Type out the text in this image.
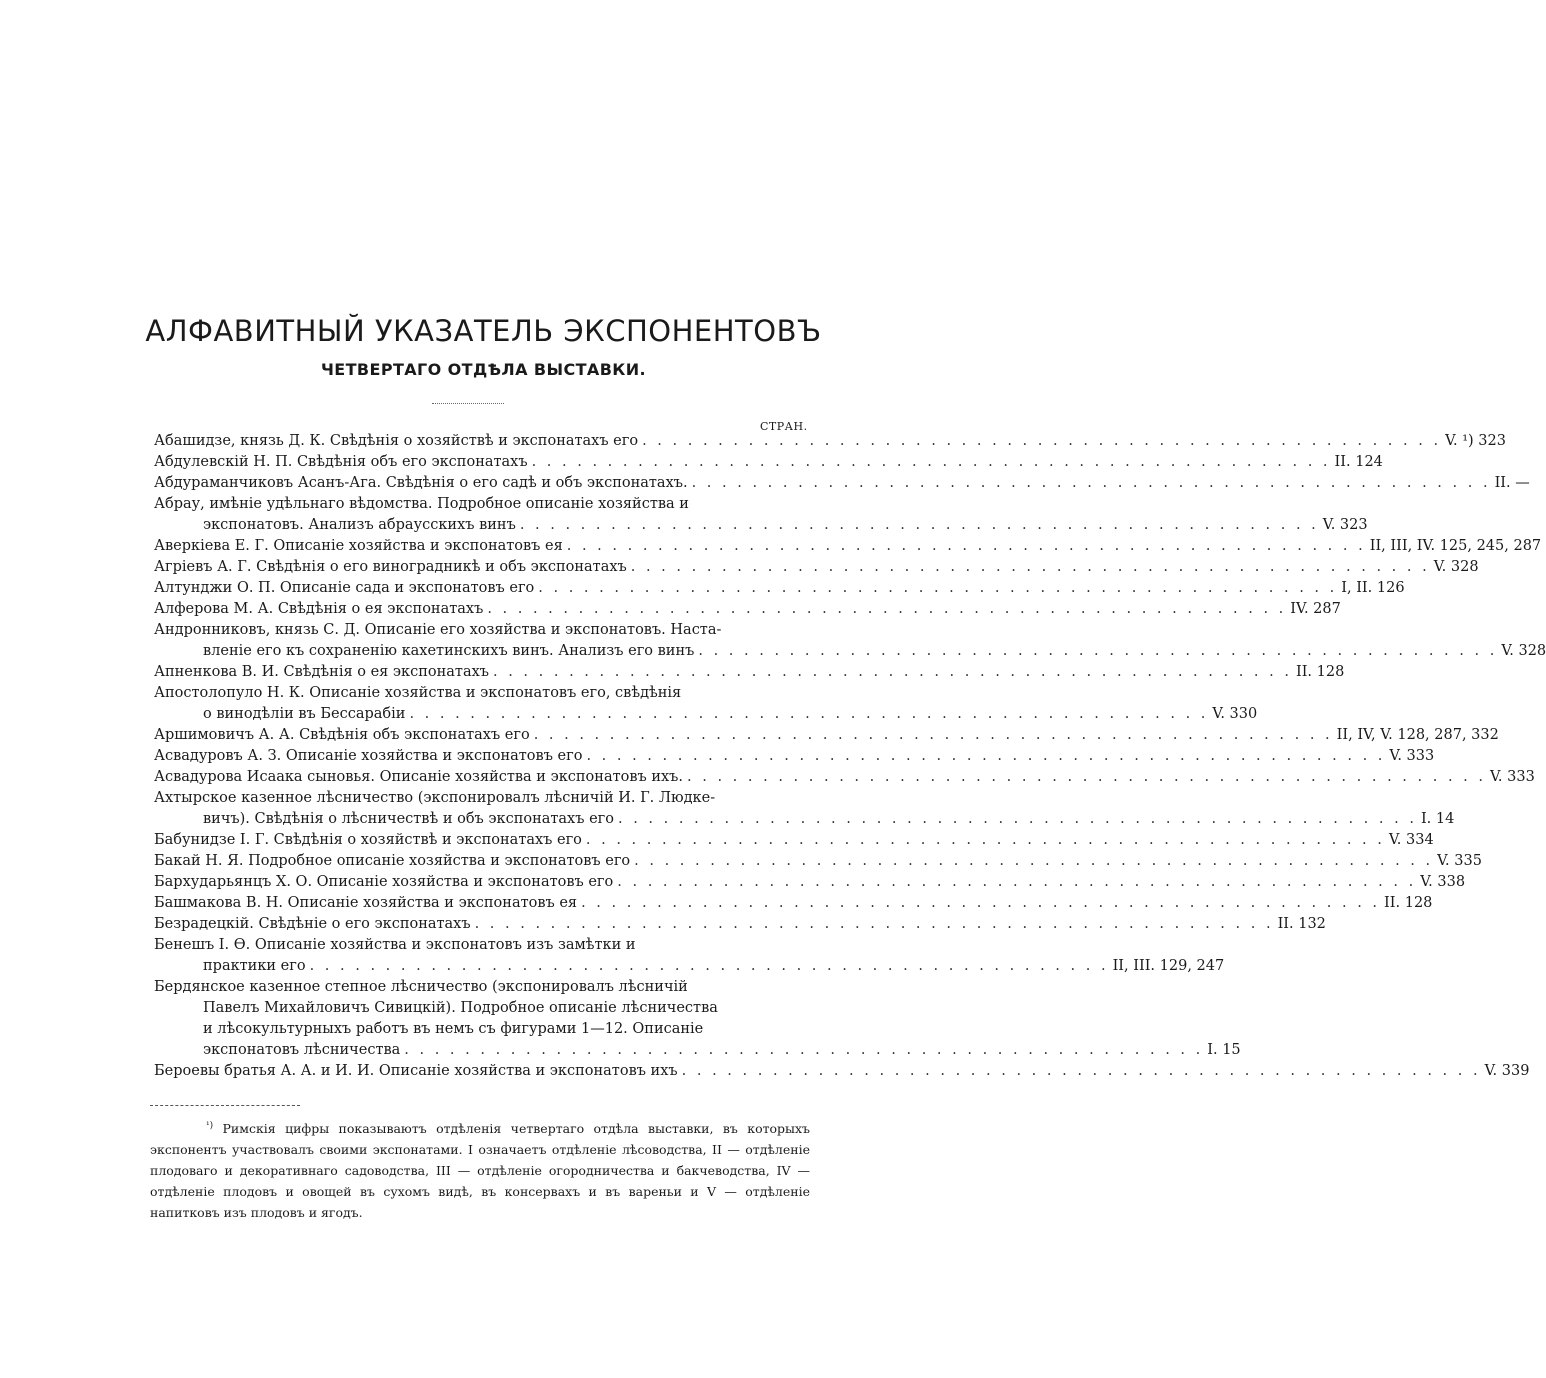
АЛФАВИТНЫЙ УКАЗАТЕЛЬ ЭКСПОНЕНТОВЪ
ЧЕТВЕРТАГО ОТДѢЛА ВЫСТАВКИ.
СТРАН.
Абашидзе, князь Д. К. Свѣдѣнія о хозяйствѣ и экспонатахъ его . . .	V. ¹) 323
Абдулевскій Н. П. Свѣдѣнія объ его экспонатахъ . . .	II. 124
Абдураманчиковъ Асанъ-Ага. Свѣдѣнія о его садѣ и объ экспонатахъ. . . .	II. —
Абрау, имѣніе удѣльнаго вѣдомства. Подробное описаніе хозяйства и
экспонатовъ. Анализъ абраусскихъ винъ . . .	V. 323
Аверкіева Е. Г. Описаніе хозяйства и экспонатовъ ея . . .	II, III, IV. 125, 245, 287
Агріевъ А. Г. Свѣдѣнія о его виноградникѣ и объ экспонатахъ . . .	V. 328
Алтунджи О. П. Описаніе сада и экспонатовъ его . . .	I, II. 126
Алферова М. А. Свѣдѣнія о ея экспонатахъ . . .	IV. 287
Андронниковъ, князь С. Д. Описаніе его хозяйства и экспонатовъ. Наста-
вленіе его къ сохраненію кахетинскихъ винъ. Анализъ его винъ . . .	V. 328
Апненкова В. И. Свѣдѣнія о ея экспонатахъ . . .	II. 128
Апостолопуло Н. К. Описаніе хозяйства и экспонатовъ его, свѣдѣнія
о винодѣліи въ Бессарабіи . . .	V. 330
Аршимовичъ А. А. Свѣдѣнія объ экспонатахъ его . . .	II, IV, V. 128, 287, 332
Асвадуровъ А. З. Описаніе хозяйства и экспонатовъ его . . .	V. 333
Асвадурова Исаака сыновья. Описаніе хозяйства и экспонатовъ ихъ. . . .	V. 333
Ахтырское казенное лѣсничество (экспонировалъ лѣсничій И. Г. Людке-
вичъ). Свѣдѣнія о лѣсничествѣ и объ экспонатахъ его . . .	I. 14
Бабунидзе І. Г. Свѣдѣнія о хозяйствѣ и экспонатахъ его . . .	V. 334
Бакай Н. Я. Подробное описаніе хозяйства и экспонатовъ его . . .	V. 335
Бархударьянцъ Х. О. Описаніе хозяйства и экспонатовъ его . . .	V. 338
Башмакова В. Н. Описаніе хозяйства и экспонатовъ ея . . .	II. 128
Безрадецкій. Свѣдѣніе о его экспонатахъ . . .	II. 132
Бенешъ І. Ѳ. Описаніе хозяйства и экспонатовъ изъ замѣтки и
практики его . . .	II, III. 129, 247
Бердянское казенное степное лѣсничество (экспонировалъ лѣсничій
Павелъ Михайловичъ Сивицкій). Подробное описаніе лѣсничества
и лѣсокультурныхъ работъ въ немъ съ фигурами 1—12. Описаніе
экспонатовъ лѣсничества . . .	I. 15
Бероевы братья А. А. и И. И. Описаніе хозяйства и экспонатовъ ихъ . . .	V. 339
$^{^1)}$ Римскія цифры показываютъ отдѣленія четвертаго отдѣла выставки, въ которыхъ экспонентъ участвовалъ своими экспонатами. I означаетъ отдѣленіе лѣсоводства, II — отдѣленіе плодоваго и декоративнаго садоводства, III — отдѣленіе огородничества и бакчеводства, IV — отдѣленіе плодовъ и овощей въ сухомъ видѣ, въ консервахъ и въ вареньи и V — отдѣленіе напитковъ изъ плодовъ и ягодъ.
